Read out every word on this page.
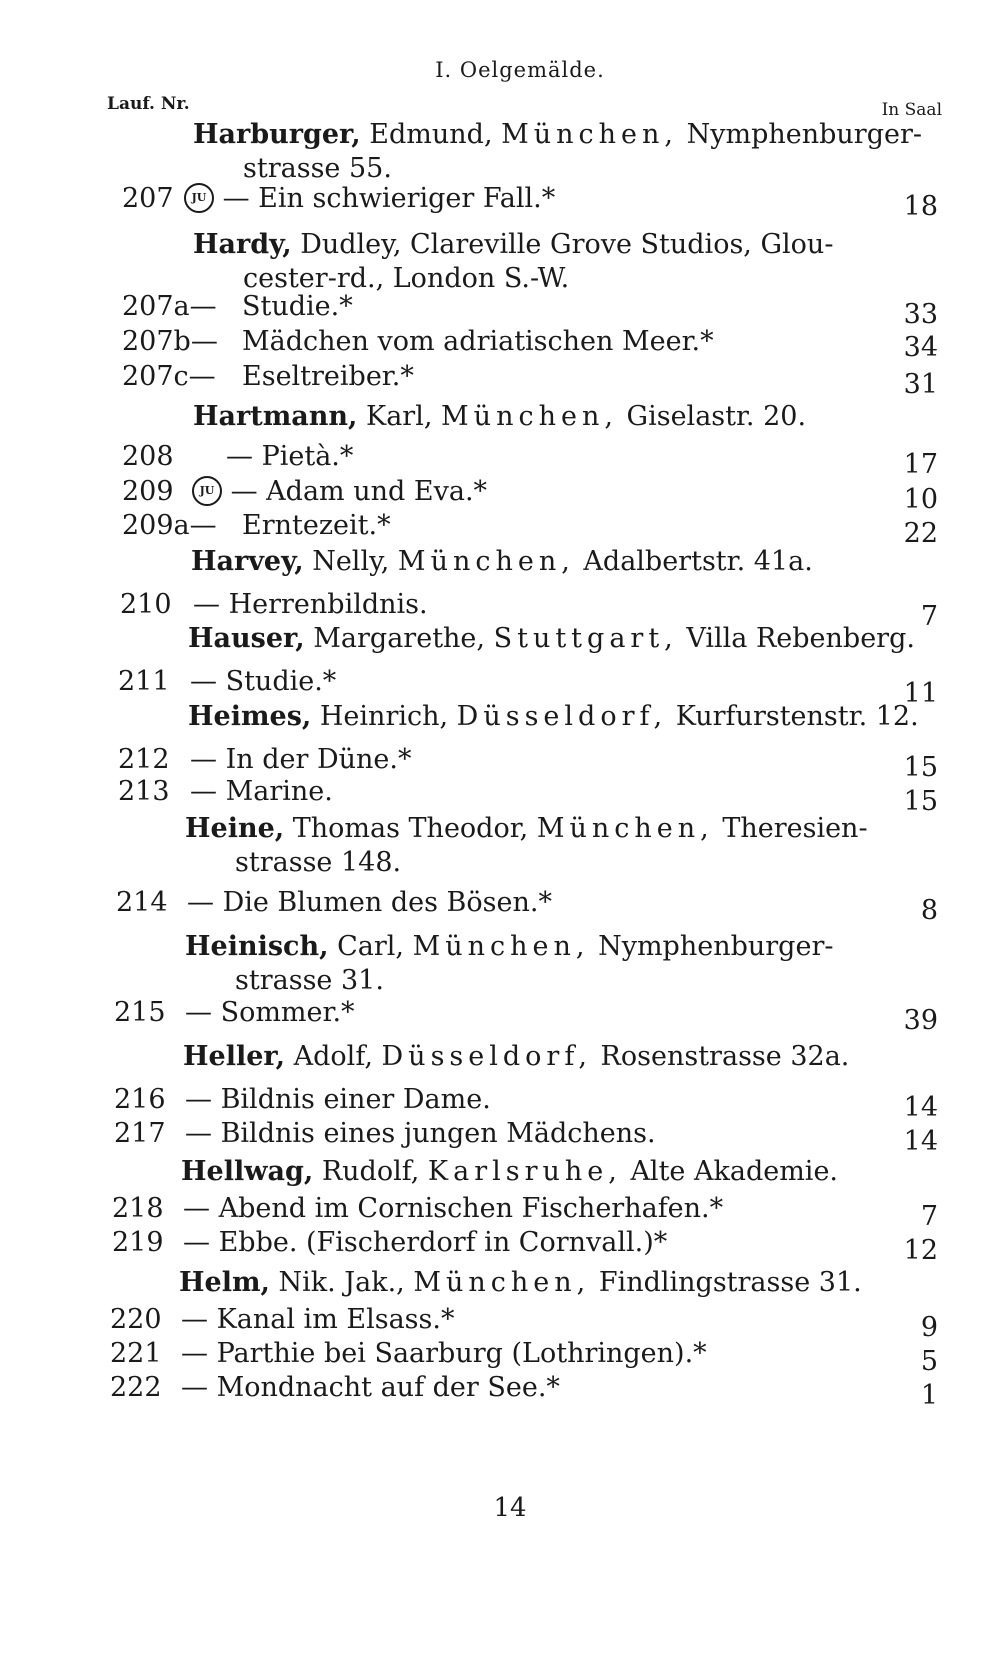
I. Oelgemälde.
Lauf. Nr.	In Saal
Harburger, Edmund, München, Nymphenburger-
strasse 55.
207	JU — Ein schwieriger Fall.*	18
Hardy, Dudley, Clareville Grove Studios, Glou-
cester-rd., London S.-W.
207a— Studie.*	33
207b— Mädchen vom adriatischen Meer.*	34
207c— Eseltreiber.*	31
Hartmann, Karl, München, Giselastr. 20.
208 — Pietà.*	17
209	JU — Adam und Eva.*	10
209a— Erntezeit.*	22
Harvey, Nelly, München, Adalbertstr. 41a.
210 — Herrenbildnis.	7
Hauser, Margarethe, Stuttgart, Villa Rebenberg.
211 — Studie.*	11
Heimes, Heinrich, Düsseldorf, Kurfurstenstr. 12.
212 — In der Düne.*	15
213 — Marine.	15
Heine, Thomas Theodor, München, Theresien-
strasse 148.
214 — Die Blumen des Bösen.*	8
Heinisch, Carl, München, Nymphenburger-
strasse 31.
215 — Sommer.*	39
Heller, Adolf, Düsseldorf, Rosenstrasse 32a.
216 — Bildnis einer Dame.	14
217 — Bildnis eines jungen Mädchens.	14
Hellwag, Rudolf, Karlsruhe, Alte Akademie.
218 — Abend im Cornischen Fischerhafen.*	7
219 — Ebbe. (Fischerdorf in Cornvall.)*	12
Helm, Nik. Jak., München, Findlingstrasse 31.
220 — Kanal im Elsass.*	9
221 — Parthie bei Saarburg (Lothringen).*	5
222 — Mondnacht auf der See.*	1
14
